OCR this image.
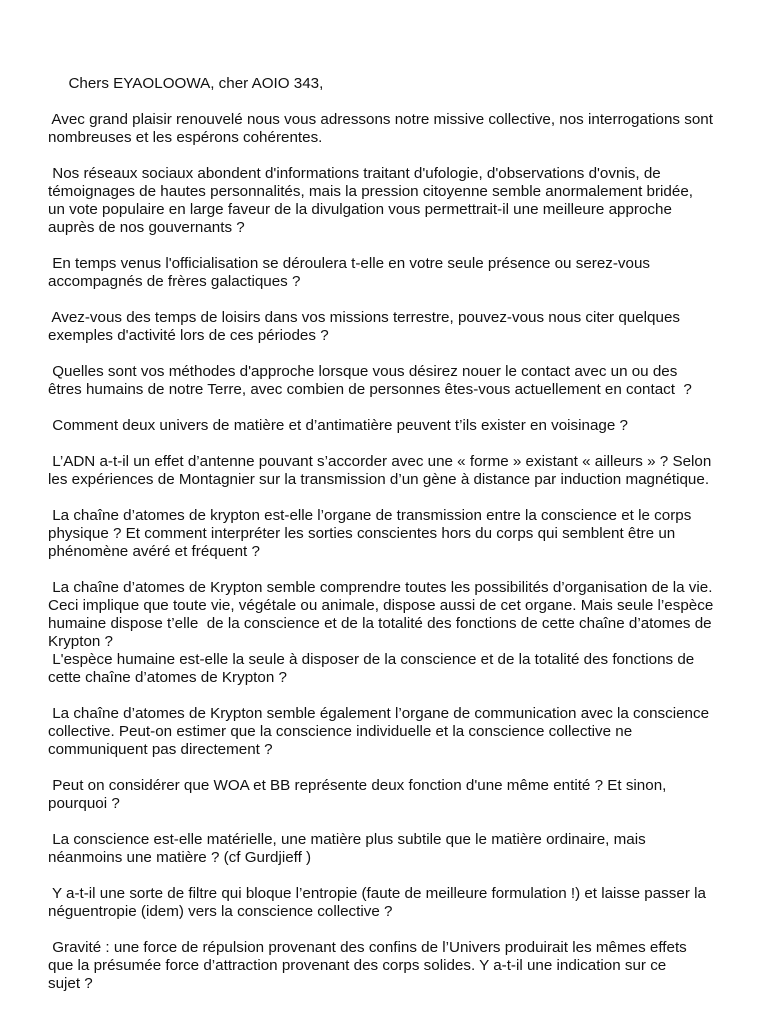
Chers EYAOLOOWA, cher AOIO 343,

Avec grand plaisir renouvelé nous vous adressons notre missive collective, nos interrogations sont
nombreuses et les espérons cohérentes.

Nos réseaux sociaux abondent d'informations traitant d'ufologie, d'observations d'ovnis, de
témoignages de hautes personnalités, mais la pression citoyenne semble anormalement bridée,
un vote populaire en large faveur de la divulgation vous permettrait-il une meilleure approche
auprès de nos gouvernants ?

En temps venus l'officialisation se déroulera t-elle en votre seule présence ou serez-vous
accompagnés de frères galactiques ?

Avez-vous des temps de loisirs dans vos missions terrestre, pouvez-vous nous citer quelques
exemples d'activité lors de ces périodes ?

Quelles sont vos méthodes d'approche lorsque vous désirez nouer le contact avec un ou des
êtres humains de notre Terre, avec combien de personnes êtes-vous actuellement en contact  ?

Comment deux univers de matière et d’antimatière peuvent t’ils exister en voisinage ?

L’ADN a-t-il un effet d’antenne pouvant s’accorder avec une « forme » existant « ailleurs » ? Selon
les expériences de Montagnier sur la transmission d’un gène à distance par induction magnétique.

La chaîne d’atomes de krypton est-elle l’organe de transmission entre la conscience et le corps
physique ? Et comment interpréter les sorties conscientes hors du corps qui semblent être un
phénomène avéré et fréquent ?

La chaîne d’atomes de Krypton semble comprendre toutes les possibilités d’organisation de la vie.
Ceci implique que toute vie, végétale ou animale, dispose aussi de cet organe. Mais seule l’espèce
humaine dispose t’elle  de la conscience et de la totalité des fonctions de cette chaîne d’atomes de
Krypton ?
L'espèce humaine est-elle la seule à disposer de la conscience et de la totalité des fonctions de
cette chaîne d’atomes de Krypton ?

La chaîne d’atomes de Krypton semble également l’organe de communication avec la conscience
collective. Peut-on estimer que la conscience individuelle et la conscience collective ne
communiquent pas directement ?

Peut on considérer que WOA et BB représente deux fonction d'une même entité ? Et sinon,
pourquoi ?

La conscience est-elle matérielle, une matière plus subtile que le matière ordinaire, mais
néanmoins une matière ? (cf Gurdjieff )

Y a-t-il une sorte de filtre qui bloque l’entropie (faute de meilleure formulation !) et laisse passer la
néguentropie (idem) vers la conscience collective ?

Gravité : une force de répulsion provenant des confins de l’Univers produirait les mêmes effets
que la présumée force d’attraction provenant des corps solides. Y a-t-il une indication sur ce
sujet ?
